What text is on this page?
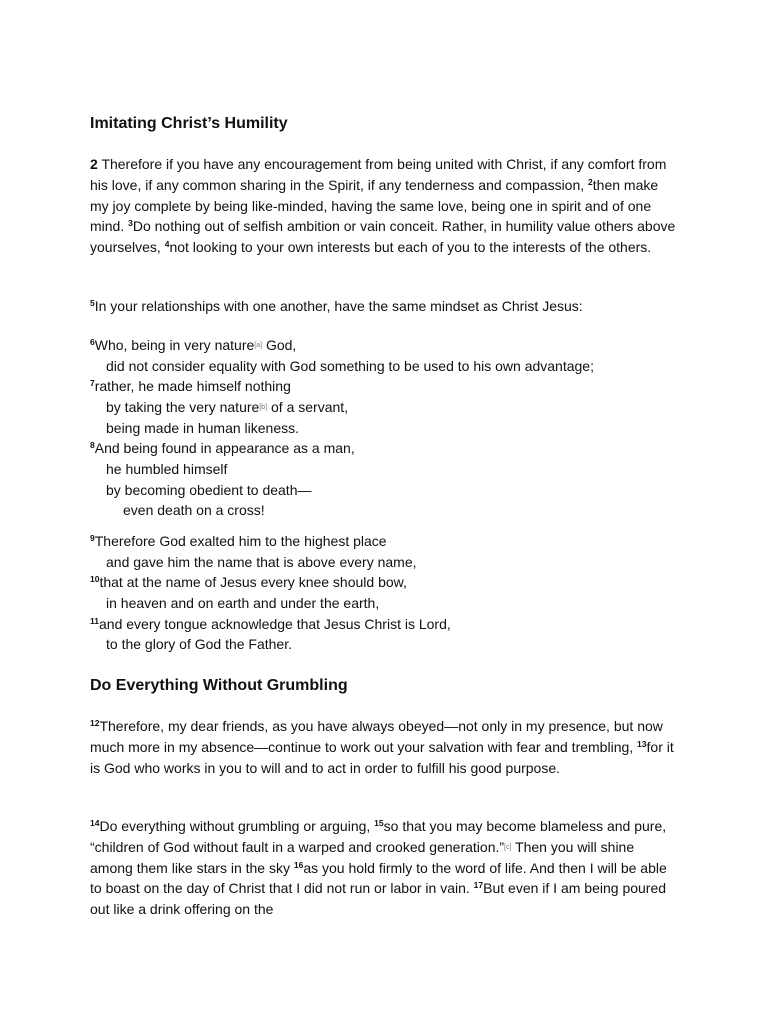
Imitating Christ’s Humility
2 Therefore if you have any encouragement from being united with Christ, if any comfort from his love, if any common sharing in the Spirit, if any tenderness and compassion, $^2$then make my joy complete by being like-minded, having the same love, being one in spirit and of one mind. $^3$Do nothing out of selfish ambition or vain conceit. Rather, in humility value others above yourselves, $^4$not looking to your own interests but each of you to the interests of the others.
$^5$In your relationships with one another, have the same mindset as Christ Jesus:
$^6$Who, being in very nature[a] God,
did not consider equality with God something to be used to his own advantage;
$^7$rather, he made himself nothing
by taking the very nature[b] of a servant,
being made in human likeness.
$^8$And being found in appearance as a man,
he humbled himself
by becoming obedient to death—
even death on a cross!
$^9$Therefore God exalted him to the highest place
and gave him the name that is above every name,
$^{10}$that at the name of Jesus every knee should bow,
in heaven and on earth and under the earth,
$^{11}$and every tongue acknowledge that Jesus Christ is Lord,
to the glory of God the Father.
Do Everything Without Grumbling
$^{12}$Therefore, my dear friends, as you have always obeyed—not only in my presence, but now much more in my absence—continue to work out your salvation with fear and trembling, $^{13}$for it is God who works in you to will and to act in order to fulfill his good purpose.
$^{14}$Do everything without grumbling or arguing, $^{15}$so that you may become blameless and pure, “children of God without fault in a warped and crooked generation.”[c] Then you will shine among them like stars in the sky $^{16}$as you hold firmly to the word of life. And then I will be able to boast on the day of Christ that I did not run or labor in vain. $^{17}$But even if I am being poured out like a drink offering on the
